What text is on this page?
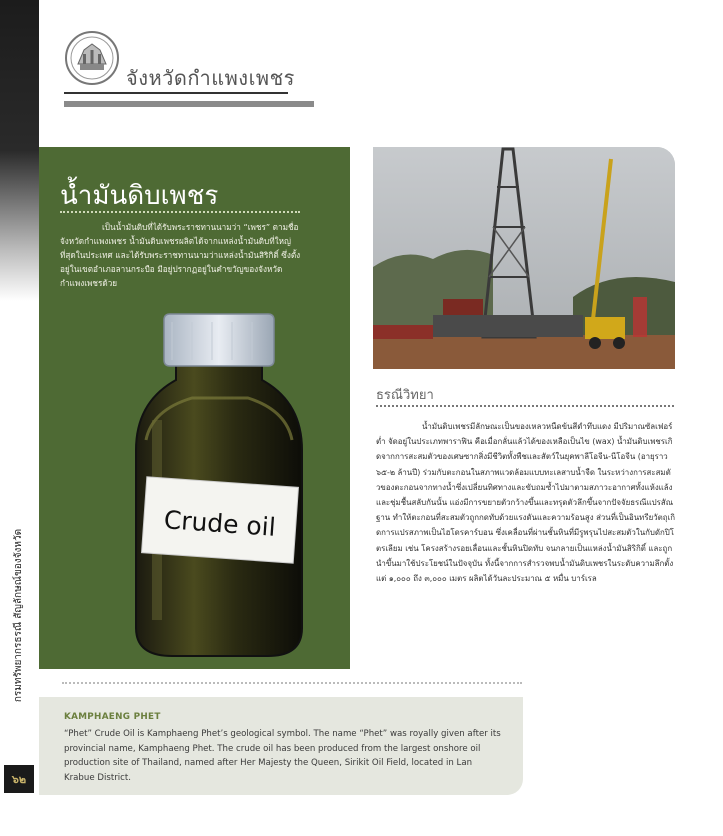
กรมทรัพยากรธรณี สัญลักษณ์ของจังหวัด
๖๒
จังหวัดกำแพงเพชร
น้ำมันดิบเพชร
เป็นน้ำมันดิบที่ได้รับพระราชทานนามว่า “เพชร” ตามชื่อจังหวัดกำแพงเพชร น้ำมันดิบเพชรผลิตได้จากแหล่งน้ำมันดิบที่ใหญ่ที่สุดในประเทศ และได้รับพระราชทานนามว่าแหล่งน้ำมันสิริกิติ์ ซึ่งตั้งอยู่ในเขตอำเภอลานกระบือ มีอยู่ปรากฏอยู่ในคำขวัญของจังหวัดกำแพงเพชรด้วย
Crude oil
ธรณีวิทยา
น้ำมันดิบเพชรมีลักษณะเป็นของเหลวหนืดข้นสีดำทึบแดง มีปริมาณซัลเฟอร์ต่ำ จัดอยู่ในประเภทพาราฟิน คือเมื่อกลั่นแล้วได้ของเหลือเป็นไข (wax) น้ำมันดิบเพชรเกิดจากการสะสมตัวของเศษซากสิ่งมีชีวิตทั้งพืชและสัตว์ในยุคพาลีโอจีน-นีโอจีน (อายุราว ๖๕-๒ ล้านปี) ร่วมกับตะกอนในสภาพแวดล้อมแบบทะเลสาบน้ำจืด ในระหว่างการสะสมตัวของตะกอนจากทางน้ำซึ่งเปลี่ยนทิศทางและขับถมซ้ำไปมาตามสภาวะอากาศทั้งแห้งแล้งและชุ่มชื้นสลับกันนั้น แอ่งมีการขยายตัวกว้างขึ้นและทรุดตัวลึกขึ้นจากปัจจัยธรณีแปรสัณฐาน ทำให้ตะกอนที่สะสมตัวถูกกดทับด้วยแรงดันและความร้อนสูง ส่วนที่เป็นอินทรียวัตถุเกิดการแปรสภาพเป็นไฮโดรคาร์บอน ซึ่งเคลื่อนที่ผ่านชั้นหินที่มีรูพรุนไปสะสมตัวในกับดักปิโตรเลียม เช่น โครงสร้างรอยเลื่อนและชั้นหินปิดทับ จนกลายเป็นแหล่งน้ำมันสิริกิติ์ และถูกนำขึ้นมาใช้ประโยชน์ในปัจจุบัน ทั้งนี้จากการสำรวจพบน้ำมันดิบเพชรในระดับความลึกตั้งแต่ ๑,๐๐๐ ถึง ๓,๐๐๐ เมตร ผลิตได้วันละประมาณ ๕ หมื่น บาร์เรล
KAMPHAENG PHET
“Phet” Crude Oil is Kamphaeng Phet’s geological symbol. The name “Phet” was royally given after its provincial name, Kamphaeng Phet. The crude oil has been produced from the largest onshore oil production site of Thailand, named after Her Majesty the Queen, Sirikit Oil Field, located in Lan Krabue District.
